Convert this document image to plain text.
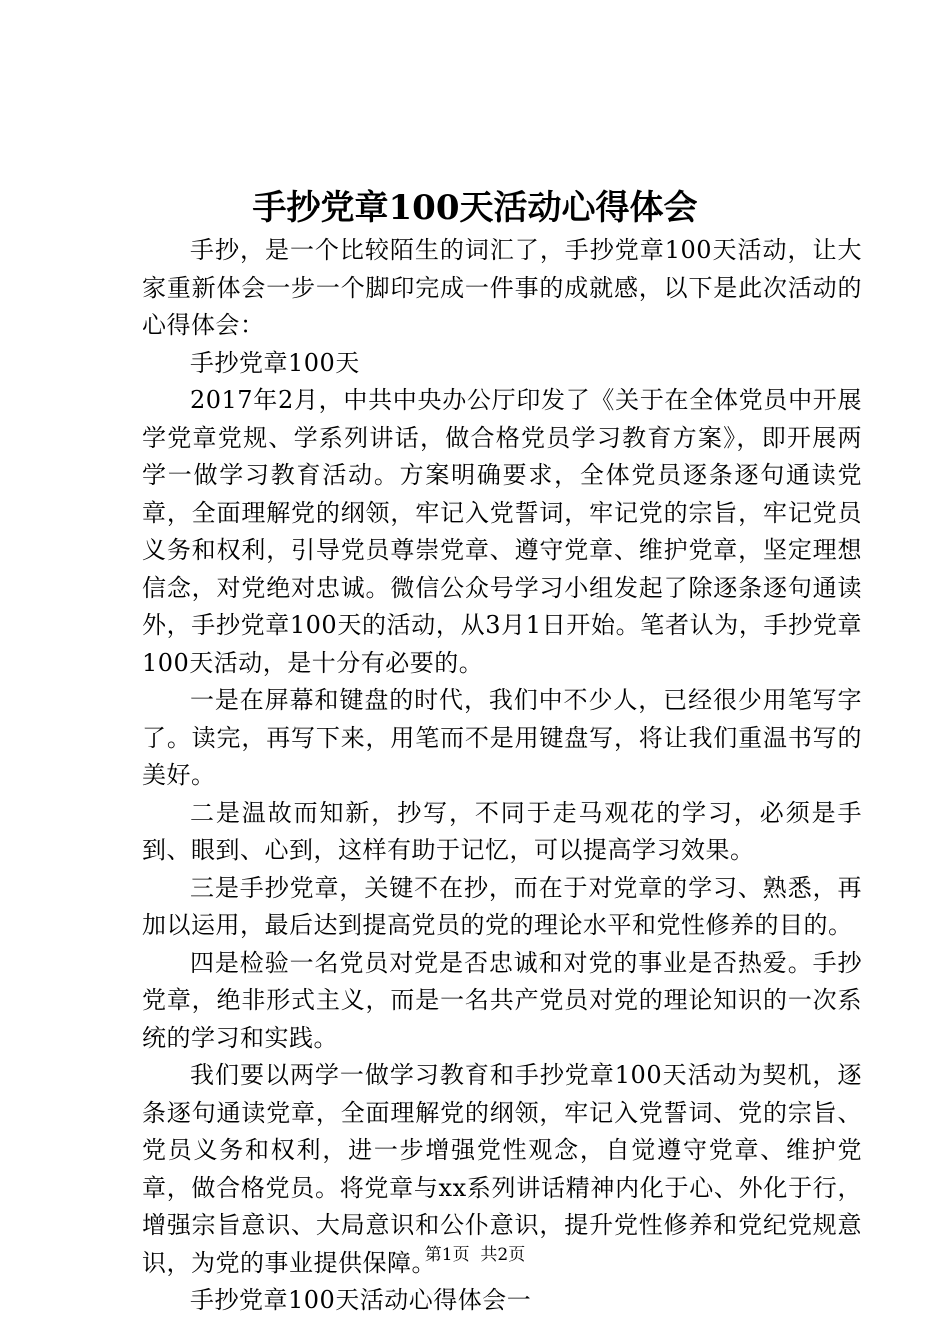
手抄党章100天活动心得体会

手抄，是一个比较陌生的词汇了，手抄党章100天活动，让大家重新体会一步一个脚印完成一件事的成就感，以下是此次活动的心得体会：

手抄党章100天

2017年2月，中共中央办公厅印发了《关于在全体党员中开展学党章党规、学系列讲话，做合格党员学习教育方案》，即开展两学一做学习教育活动。方案明确要求，全体党员逐条逐句通读党章，全面理解党的纲领，牢记入党誓词，牢记党的宗旨，牢记党员义务和权利，引导党员尊崇党章、遵守党章、维护党章，坚定理想信念，对党绝对忠诚。微信公众号学习小组发起了除逐条逐句通读外，手抄党章100天的活动，从3月1日开始。笔者认为，手抄党章100天活动，是十分有必要的。

一是在屏幕和键盘的时代，我们中不少人，已经很少用笔写字了。读完，再写下来，用笔而不是用键盘写，将让我们重温书写的美好。

二是温故而知新，抄写，不同于走马观花的学习，必须是手到、眼到、心到，这样有助于记忆，可以提高学习效果。

三是手抄党章，关键不在抄，而在于对党章的学习、熟悉，再加以运用，最后达到提高党员的党的理论水平和党性修养的目的。

四是检验一名党员对党是否忠诚和对党的事业是否热爱。手抄党章，绝非形式主义，而是一名共产党员对党的理论知识的一次系统的学习和实践。

我们要以两学一做学习教育和手抄党章100天活动为契机，逐条逐句通读党章，全面理解党的纲领，牢记入党誓词、党的宗旨、党员义务和权利，进一步增强党性观念，自觉遵守党章、维护党章，做合格党员。将党章与xx系列讲话精神内化于心、外化于行，增强宗旨意识、大局意识和公仆意识，提升党性修养和党纪党规意识，为党的事业提供保障。

手抄党章100天活动心得体会一

第1页 共2页
